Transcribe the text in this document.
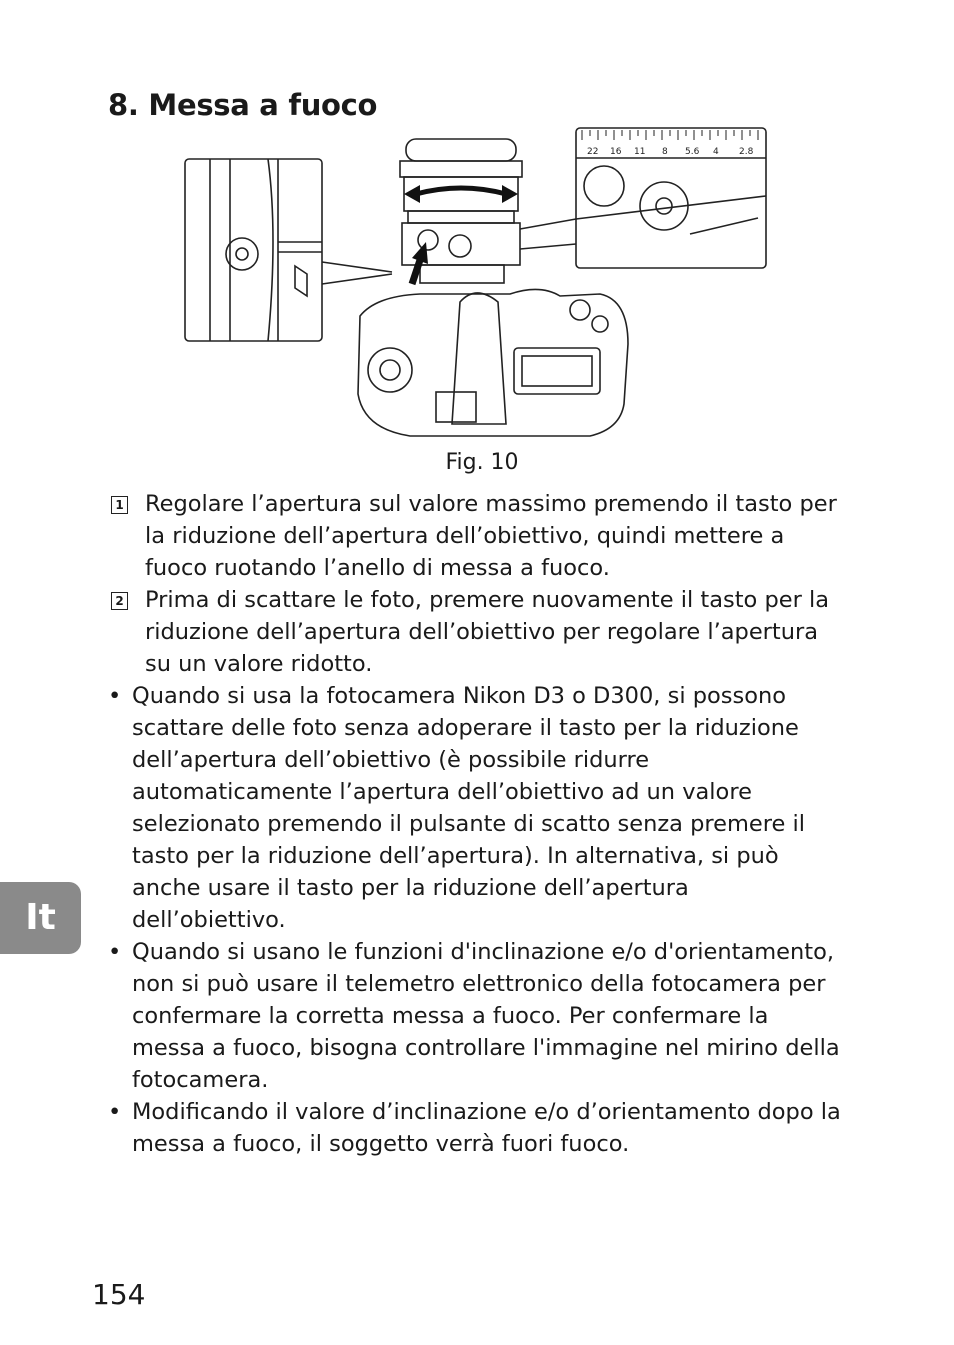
8. Messa a fuoco
22 16 11 8 5.6 4 2.8
Fig. 10

1 Regolare l’apertura sul valore massimo premendo il tasto per la riduzione dell’apertura dell’obiettivo, quindi mettere a fuoco ruotando l’anello di messa a fuoco.

2 Prima di scattare le foto, premere nuovamente il tasto per la riduzione dell’apertura dell’obiettivo per regolare l’apertura su un valore ridotto.

• Quando si usa la fotocamera Nikon D3 o D300, si possono scattare delle foto senza adoperare il tasto per la riduzione dell’apertura dell’obiettivo (è possibile ridurre automaticamente l’apertura dell’obiettivo ad un valore selezionato premendo il pulsante di scatto senza premere il tasto per la riduzione dell’apertura). In alternativa, si può anche usare il tasto per la riduzione dell’apertura dell’obiettivo.

• Quando si usano le funzioni d'inclinazione e/o d'orientamento, non si può usare il telemetro elettronico della fotocamera per confermare la corretta messa a fuoco. Per confermare la messa a fuoco, bisogna controllare l'immagine nel mirino della fotocamera.

• Modificando il valore d’inclinazione e/o d’orientamento dopo la messa a fuoco, il soggetto verrà fuori fuoco.

It
154
